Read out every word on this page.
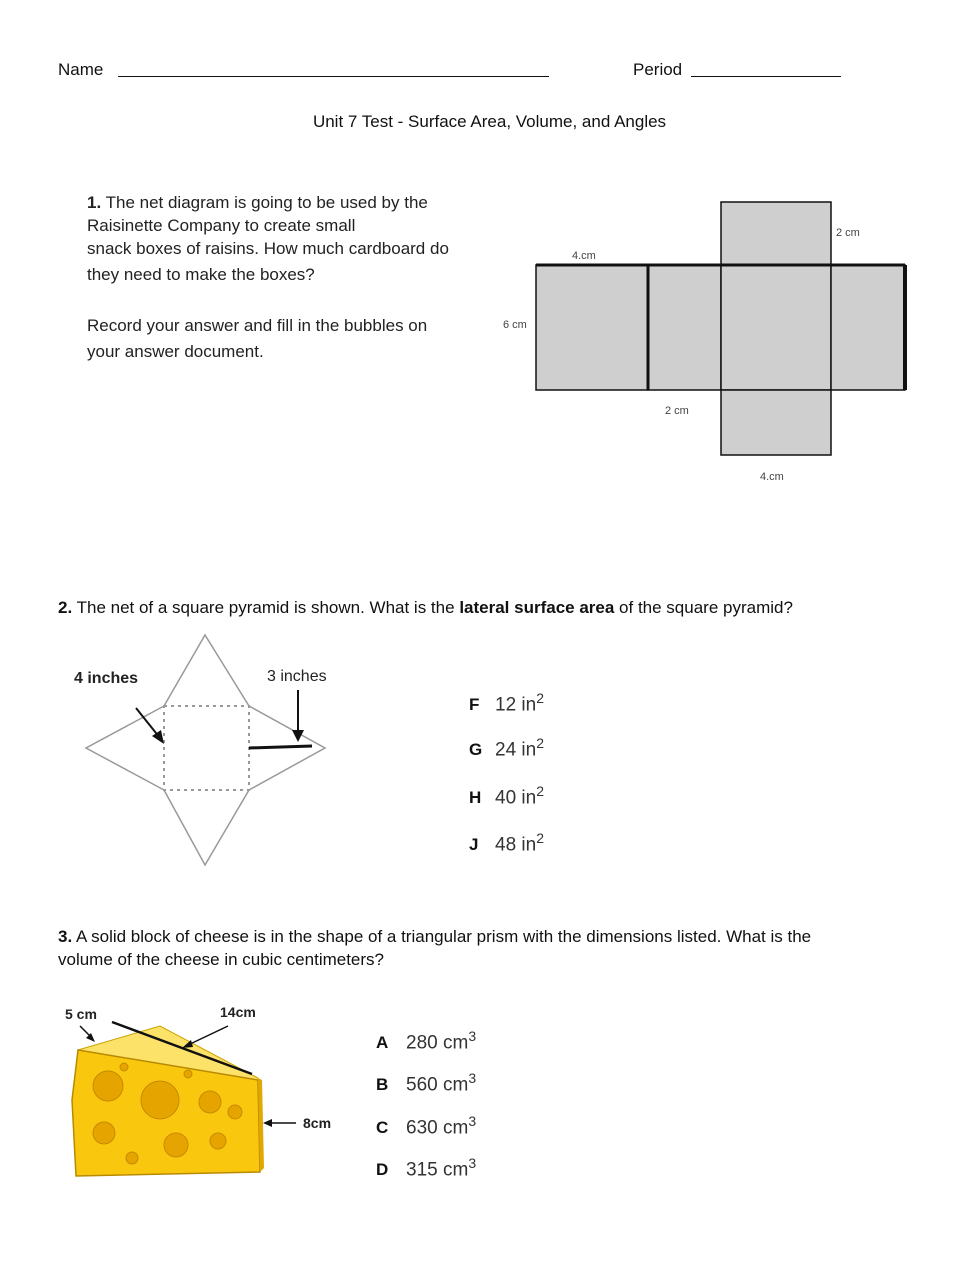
Name	Period
Unit 7 Test - Surface Area, Volume, and Angles
1. The net diagram is going to be used by the
Raisinette Company to create small
snack boxes of raisins. How much cardboard do
they need to make the boxes?
Record your answer and fill in the bubbles on
your answer document.
4.cm
2 cm
6 cm
2 cm
4.cm
2. The net of a square pyramid is shown. What is the lateral surface area of the square pyramid?
4 inches	3 inches
F 12 $in^2$
G 24 $in^2$
H 40 $in^2$
J 48 $in^2$
3. A solid block of cheese is in the shape of a triangular prism with the dimensions listed. What is the
volume of the cheese in cubic centimeters?
5 cm	14cm
8cm
A 280 $cm^3$
B 560 $cm^3$
C 630 $cm^3$
D 315 $cm^3$
